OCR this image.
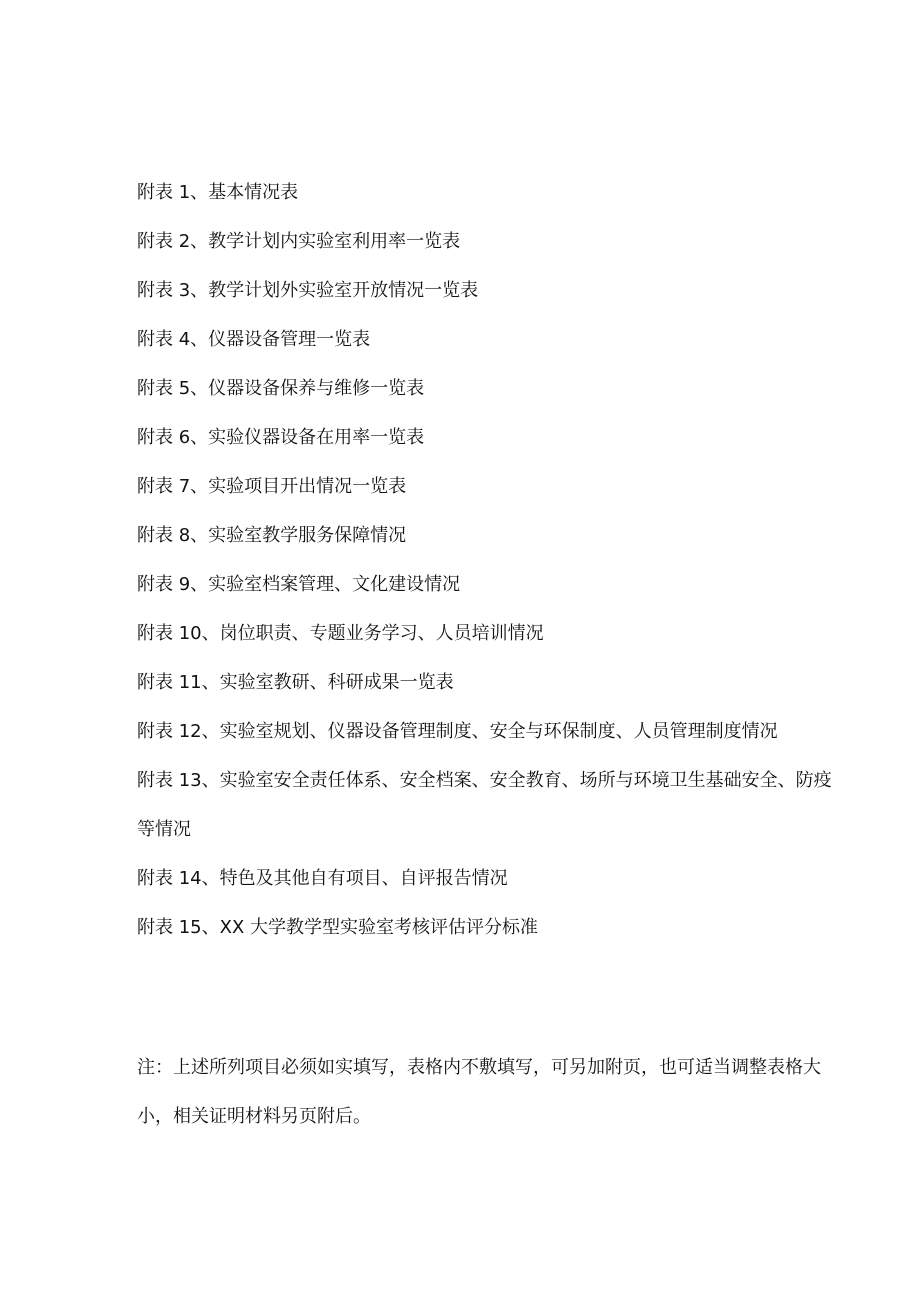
附表 1、基本情况表
附表 2、教学计划内实验室利用率一览表
附表 3、教学计划外实验室开放情况一览表
附表 4、仪器设备管理一览表
附表 5、仪器设备保养与维修一览表
附表 6、实验仪器设备在用率一览表
附表 7、实验项目开出情况一览表
附表 8、实验室教学服务保障情况
附表 9、实验室档案管理、文化建设情况
附表 10、岗位职责、专题业务学习、人员培训情况
附表 11、实验室教研、科研成果一览表
附表 12、实验室规划、仪器设备管理制度、安全与环保制度、人员管理制度情况
附表 13、实验室安全责任体系、安全档案、安全教育、场所与环境卫生基础安全、防疫等情况
附表 14、特色及其他自有项目、自评报告情况
附表 15、XX 大学教学型实验室考核评估评分标准

注：上述所列项目必须如实填写，表格内不敷填写，可另加附页，也可适当调整表格大小，相关证明材料另页附后。
